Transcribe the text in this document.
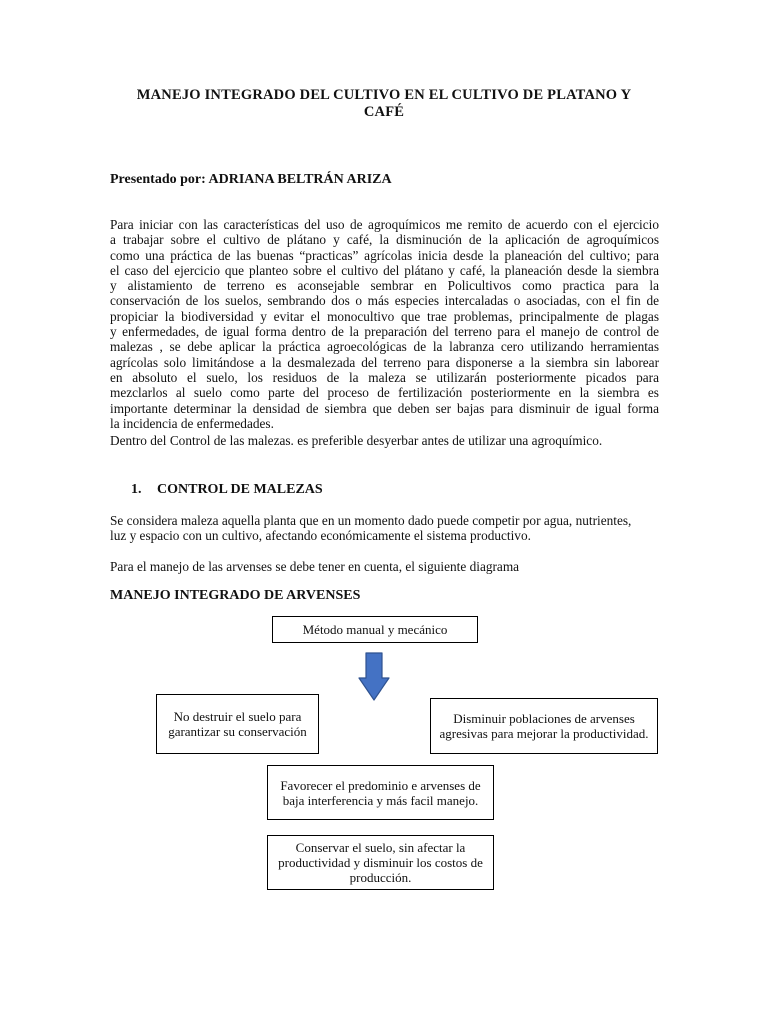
MANEJO INTEGRADO DEL CULTIVO EN EL CULTIVO DE PLATANO Y
CAFÉ
Presentado por: ADRIANA BELTRÁN ARIZA

Para iniciar con las características del uso de agroquímicos me remito de acuerdo con el ejercicio
a trabajar sobre el cultivo de plátano y café, la disminución de la aplicación de agroquímicos
como una práctica de las buenas “practicas” agrícolas inicia desde la planeación del cultivo; para
el caso del ejercicio que planteo sobre el cultivo del plátano y café, la planeación desde la siembra
y alistamiento de terreno es aconsejable sembrar en Policultivos como practica para la
conservación de los suelos, sembrando dos o más especies intercaladas o asociadas, con el fin de
propiciar la biodiversidad y evitar el monocultivo que trae problemas, principalmente de plagas
y enfermedades, de igual forma dentro de la preparación del terreno para el manejo de control de
malezas , se debe aplicar la práctica agroecológicas de la labranza cero utilizando herramientas
agrícolas solo limitándose a la desmalezada del terreno para disponerse a la siembra sin laborear
en absoluto el suelo, los residuos de la maleza se utilizarán posteriormente picados para
mezclarlos al suelo como parte del proceso de fertilización posteriormente en la siembra es
importante determinar la densidad de siembra que deben ser bajas para disminuir de igual forma
la incidencia de enfermedades.

Dentro del Control de las malezas. es preferible desyerbar antes de utilizar una agroquímico.

1. CONTROL DE MALEZAS

Se considera maleza aquella planta que en un momento dado puede competir por agua, nutrientes,
luz y espacio con un cultivo, afectando económicamente el sistema productivo.

Para el manejo de las arvenses se debe tener en cuenta, el siguiente diagrama

MANEJO INTEGRADO DE ARVENSES
Método manual y mecánico
No destruir el suelo para garantizar su conservación
Disminuir poblaciones de arvenses agresivas para mejorar la productividad.
Favorecer el predominio e arvenses de baja interferencia y más facil manejo.
Conservar el suelo, sin afectar la productividad y disminuir los costos de producción.
